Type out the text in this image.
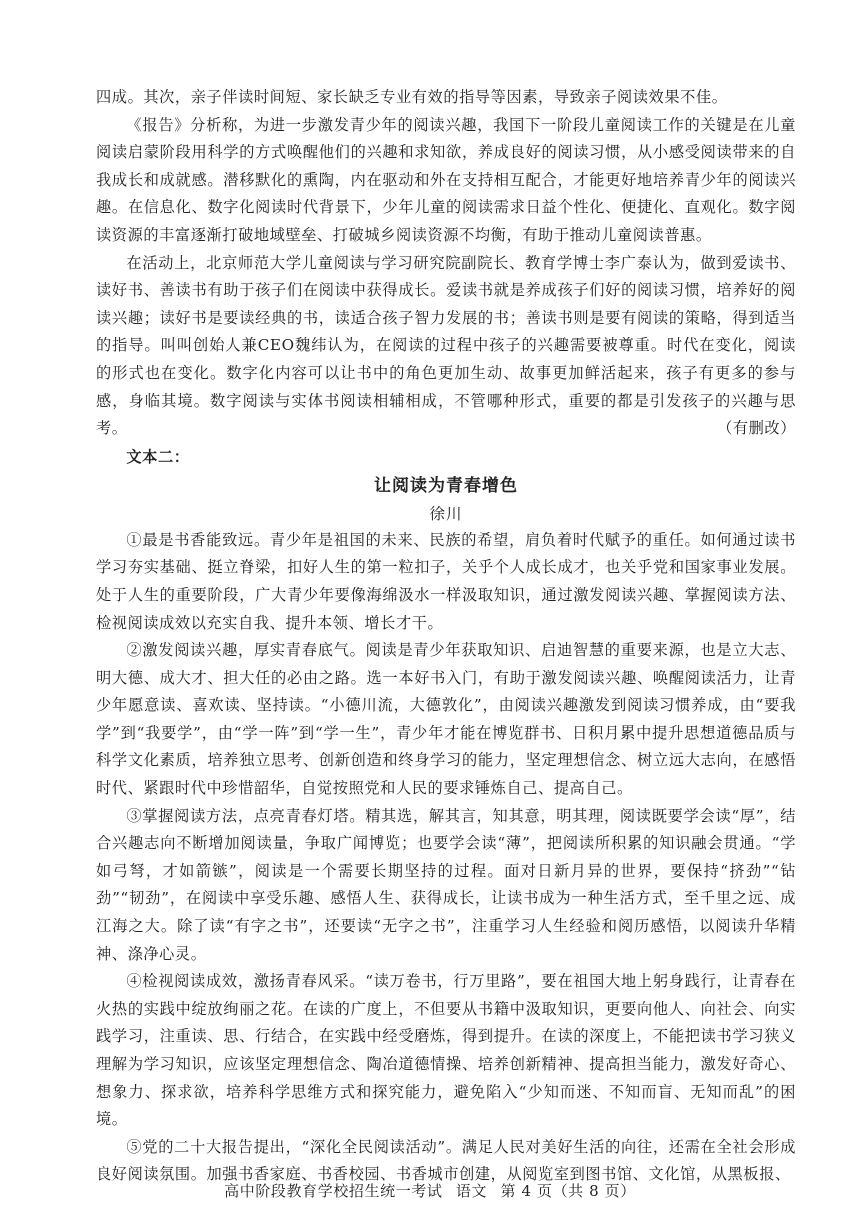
四成。其次，亲子伴读时间短、家长缺乏专业有效的指导等因素，导致亲子阅读效果不佳。

《报告》分析称，为进一步激发青少年的阅读兴趣，我国下一阶段儿童阅读工作的关键是在儿童阅读启蒙阶段用科学的方式唤醒他们的兴趣和求知欲，养成良好的阅读习惯，从小感受阅读带来的自我成长和成就感。潜移默化的熏陶，内在驱动和外在支持相互配合，才能更好地培养青少年的阅读兴趣。在信息化、数字化阅读时代背景下，少年儿童的阅读需求日益个性化、便捷化、直观化。数字阅读资源的丰富逐渐打破地域壁垒、打破城乡阅读资源不均衡，有助于推动儿童阅读普惠。

在活动上，北京师范大学儿童阅读与学习研究院副院长、教育学博士李广泰认为，做到爱读书、读好书、善读书有助于孩子们在阅读中获得成长。爱读书就是养成孩子们好的阅读习惯，培养好的阅读兴趣；读好书是要读经典的书，读适合孩子智力发展的书；善读书则是要有阅读的策略，得到适当的指导。叫叫创始人兼CEO魏纬认为，在阅读的过程中孩子的兴趣需要被尊重。时代在变化，阅读的形式也在变化。数字化内容可以让书中的角色更加生动、故事更加鲜活起来，孩子有更多的参与感，身临其境。数字阅读与实体书阅读相辅相成，不管哪种形式，重要的都是引发孩子的兴趣与思考。	（有删改）

文本二：
让阅读为青春增色
徐川

①最是书香能致远。青少年是祖国的未来、民族的希望，肩负着时代赋予的重任。如何通过读书学习夯实基础、挺立脊梁，扣好人生的第一粒扣子，关乎个人成长成才，也关乎党和国家事业发展。处于人生的重要阶段，广大青少年要像海绵汲水一样汲取知识，通过激发阅读兴趣、掌握阅读方法、检视阅读成效以充实自我、提升本领、增长才干。

②激发阅读兴趣，厚实青春底气。阅读是青少年获取知识、启迪智慧的重要来源，也是立大志、明大德、成大才、担大任的必由之路。选一本好书入门，有助于激发阅读兴趣、唤醒阅读活力，让青少年愿意读、喜欢读、坚持读。“小德川流，大德敦化”，由阅读兴趣激发到阅读习惯养成，由“要我学”到“我要学”，由“学一阵”到“学一生”，青少年才能在博览群书、日积月累中提升思想道德品质与科学文化素质，培养独立思考、创新创造和终身学习的能力，坚定理想信念、树立远大志向，在感悟时代、紧跟时代中珍惜韶华，自觉按照党和人民的要求锤炼自己、提高自己。

③掌握阅读方法，点亮青春灯塔。精其选，解其言，知其意，明其理，阅读既要学会读“厚”，结合兴趣志向不断增加阅读量，争取广闻博览；也要学会读“薄”，把阅读所积累的知识融会贯通。“学如弓弩，才如箭镞”，阅读是一个需要长期坚持的过程。面对日新月异的世界，要保持“挤劲”“钻劲”“韧劲”，在阅读中享受乐趣、感悟人生、获得成长，让读书成为一种生活方式，至千里之远、成江海之大。除了读“有字之书”，还要读“无字之书”，注重学习人生经验和阅历感悟，以阅读升华精神、涤净心灵。

④检视阅读成效，激扬青春风采。“读万卷书，行万里路”，要在祖国大地上躬身践行，让青春在火热的实践中绽放绚丽之花。在读的广度上，不但要从书籍中汲取知识，更要向他人、向社会、向实践学习，注重读、思、行结合，在实践中经受磨炼，得到提升。在读的深度上，不能把读书学习狭义理解为学习知识，应该坚定理想信念、陶冶道德情操、培养创新精神、提高担当能力，激发好奇心、想象力、探求欲，培养科学思维方式和探究能力，避免陷入“少知而迷、不知而盲、无知而乱”的困境。

⑤党的二十大报告提出，“深化全民阅读活动”。满足人民对美好生活的向往，还需在全社会形成良好阅读氛围。加强书香家庭、书香校园、书香城市创建，从阅览室到图书馆、文化馆，从黑板报、

高中阶段教育学校招生统一考试 语文 第 4 页（共 8 页）
